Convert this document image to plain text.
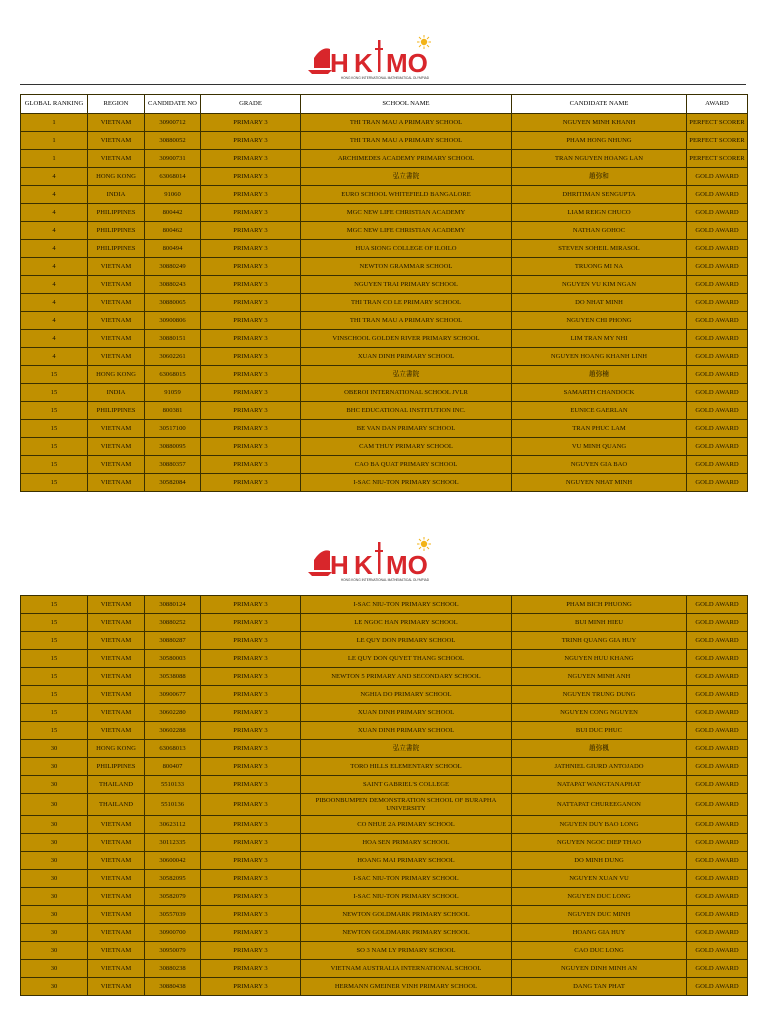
H K MO
HONG KONG INTERNATIONAL MATHEMATICAL OLYMPIAD
GLOBAL RANKING	REGION	CANDIDATE NO	GRADE	SCHOOL NAME	CANDIDATE NAME	AWARD
1	VIETNAM	30900712	PRIMARY 3	THI TRAN MAU A PRIMARY SCHOOL	NGUYEN MINH KHANH	PERFECT SCORER
1	VIETNAM	30880052	PRIMARY 3	THI TRAN MAU A PRIMARY SCHOOL	PHAM HONG NHUNG	PERFECT SCORER
1	VIETNAM	30900731	PRIMARY 3	ARCHIMEDES ACADEMY PRIMARY SCHOOL	TRAN NGUYEN HOANG LAN	PERFECT SCORER
4	HONG KONG	63068014	PRIMARY 3	弘立書院	趙弥和	GOLD AWARD
4	INDIA	91060	PRIMARY 3	EURO SCHOOL WHITEFIELD BANGALORE	DHRITIMAN SENGUPTA	GOLD AWARD
4	PHILIPPINES	800442	PRIMARY 3	MGC NEW LIFE CHRISTIAN ACADEMY	LIAM REIGN CHUCO	GOLD AWARD
4	PHILIPPINES	800462	PRIMARY 3	MGC NEW LIFE CHRISTIAN ACADEMY	NATHAN GOHOC	GOLD AWARD
4	PHILIPPINES	800494	PRIMARY 3	HUA SIONG COLLEGE OF ILOILO	STEVEN SOHEIL MIRASOL	GOLD AWARD
4	VIETNAM	30880249	PRIMARY 3	NEWTON GRAMMAR SCHOOL	TRUONG MI NA	GOLD AWARD
4	VIETNAM	30880243	PRIMARY 3	NGUYEN TRAI PRIMARY SCHOOL	NGUYEN VU KIM NGAN	GOLD AWARD
4	VIETNAM	30880065	PRIMARY 3	THI TRAN CO LE PRIMARY SCHOOL	DO NHAT MINH	GOLD AWARD
4	VIETNAM	30900806	PRIMARY 3	THI TRAN MAU A PRIMARY SCHOOL	NGUYEN CHI PHONG	GOLD AWARD
4	VIETNAM	30880151	PRIMARY 3	VINSCHOOL GOLDEN RIVER PRIMARY SCHOOL	LIM TRAN MY NHI	GOLD AWARD
4	VIETNAM	30602261	PRIMARY 3	XUAN DINH PRIMARY SCHOOL	NGUYEN HOANG KHANH LINH	GOLD AWARD
15	HONG KONG	63068015	PRIMARY 3	弘立書院	趙弥楠	GOLD AWARD
15	INDIA	91059	PRIMARY 3	OBEROI INTERNATIONAL SCHOOL JVLR	SAMARTH CHANDOCK	GOLD AWARD
15	PHILIPPINES	800381	PRIMARY 3	BHC EDUCATIONAL INSTITUTION INC.	EUNICE GAERLAN	GOLD AWARD
15	VIETNAM	30517100	PRIMARY 3	BE VAN DAN PRIMARY SCHOOL	TRAN PHUC LAM	GOLD AWARD
15	VIETNAM	30880095	PRIMARY 3	CAM THUY PRIMARY SCHOOL	VU MINH QUANG	GOLD AWARD
15	VIETNAM	30880357	PRIMARY 3	CAO BA QUAT PRIMARY SCHOOL	NGUYEN GIA BAO	GOLD AWARD
15	VIETNAM	30582084	PRIMARY 3	I-SAC NIU-TON PRIMARY SCHOOL	NGUYEN NHAT MINH	GOLD AWARD
H K MO
HONG KONG INTERNATIONAL MATHEMATICAL OLYMPIAD
15	VIETNAM	30880124	PRIMARY 3	I-SAC NIU-TON PRIMARY SCHOOL	PHAM BICH PHUONG	GOLD AWARD
15	VIETNAM	30880252	PRIMARY 3	LE NGOC HAN PRIMARY SCHOOL	BUI MINH HIEU	GOLD AWARD
15	VIETNAM	30880287	PRIMARY 3	LE QUY DON PRIMARY SCHOOL	TRINH QUANG GIA HUY	GOLD AWARD
15	VIETNAM	30580003	PRIMARY 3	LE QUY DON QUYET THANG SCHOOL	NGUYEN HUU KHANG	GOLD AWARD
15	VIETNAM	30538088	PRIMARY 3	NEWTON 5 PRIMARY AND SECONDARY SCHOOL	NGUYEN MINH ANH	GOLD AWARD
15	VIETNAM	30900677	PRIMARY 3	NGHIA DO PRIMARY SCHOOL	NGUYEN TRUNG DUNG	GOLD AWARD
15	VIETNAM	30602280	PRIMARY 3	XUAN DINH PRIMARY SCHOOL	NGUYEN CONG NGUYEN	GOLD AWARD
15	VIETNAM	30602288	PRIMARY 3	XUAN DINH PRIMARY SCHOOL	BUI DUC PHUC	GOLD AWARD
30	HONG KONG	63068013	PRIMARY 3	弘立書院	趙弥楓	GOLD AWARD
30	PHILIPPINES	800407	PRIMARY 3	TORO HILLS ELEMENTARY SCHOOL	JATHNIEL GIURD ANTOJADO	GOLD AWARD
30	THAILAND	5510133	PRIMARY 3	SAINT GABRIEL'S COLLEGE	NATAPAT WANGTANAPHAT	GOLD AWARD
30	THAILAND	5510136	PRIMARY 3	PIBOONBUMPEN DEMONSTRATION SCHOOL OF BURAPHA UNIVERSITY	NATTAPAT CHUREEGANON	GOLD AWARD
30	VIETNAM	30623112	PRIMARY 3	CO NHUE 2A PRIMARY SCHOOL	NGUYEN DUY BAO LONG	GOLD AWARD
30	VIETNAM	30112335	PRIMARY 3	HOA SEN PRIMARY SCHOOL	NGUYEN NGOC DIEP THAO	GOLD AWARD
30	VIETNAM	30600042	PRIMARY 3	HOANG MAI PRIMARY SCHOOL	DO MINH DUNG	GOLD AWARD
30	VIETNAM	30582095	PRIMARY 3	I-SAC NIU-TON PRIMARY SCHOOL	NGUYEN XUAN VU	GOLD AWARD
30	VIETNAM	30582079	PRIMARY 3	I-SAC NIU-TON PRIMARY SCHOOL	NGUYEN DUC LONG	GOLD AWARD
30	VIETNAM	30557039	PRIMARY 3	NEWTON GOLDMARK PRIMARY SCHOOL	NGUYEN DUC MINH	GOLD AWARD
30	VIETNAM	30900700	PRIMARY 3	NEWTON GOLDMARK PRIMARY SCHOOL	HOANG GIA HUY	GOLD AWARD
30	VIETNAM	30950079	PRIMARY 3	SO 3 NAM LY PRIMARY SCHOOL	CAO DUC LONG	GOLD AWARD
30	VIETNAM	30880238	PRIMARY 3	VIETNAM AUSTRALIA INTERNATIONAL SCHOOL	NGUYEN DINH MINH AN	GOLD AWARD
30	VIETNAM	30880438	PRIMARY 3	HERMANN GMEINER VINH PRIMARY SCHOOL	DANG TAN PHAT	GOLD AWARD
